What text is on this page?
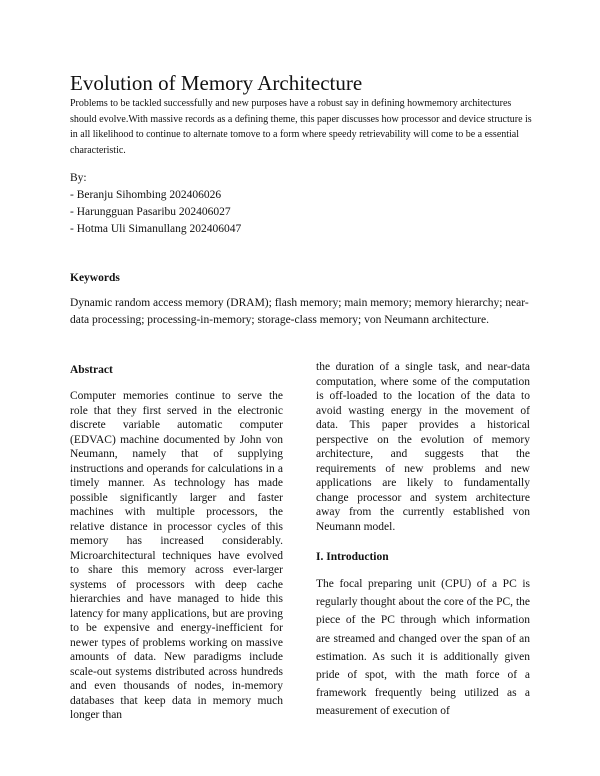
Evolution of Memory Architecture

Problems to be tackled successfully and new purposes have a robust say in defining howmemory architectures should evolve.With massive records as a defining theme, this paper discusses how processor and device structure is in all likelihood to continue to alternate tomove to a form where speedy retrievability will come to be a essential characteristic.

By:
- Beranju Sihombing 202406026
- Harungguan Pasaribu 202406027
- Hotma Uli Simanullang 202406047
Keywords

Dynamic random access memory (DRAM); flash memory; main memory; memory hierarchy; near-data processing; processing-in-memory; storage-class memory; von Neumann architecture.

Abstract

Computer memories continue to serve the role that they first served in the electronic discrete variable automatic computer (EDVAC) machine documented by John von Neumann, namely that of supplying instructions and operands for calculations in a timely manner. As technology has made possible significantly larger and faster machines with multiple processors, the relative distance in processor cycles of this memory has increased considerably. Microarchitectural techniques have evolved to share this memory across ever-larger systems of processors with deep cache hierarchies and have managed to hide this latency for many applications, but are proving to be expensive and energy-inefficient for newer types of problems working on massive amounts of data. New paradigms include scale-out systems distributed across hundreds and even thousands of nodes, in-memory databases that keep data in memory much longer than

the duration of a single task, and near-data computation, where some of the computation is off-loaded to the location of the data to avoid wasting energy in the movement of data. This paper provides a historical perspective on the evolution of memory architecture, and suggests that the requirements of new problems and new applications are likely to fundamentally change processor and system architecture away from the currently established von Neumann model.

I. Introduction

The focal preparing unit (CPU) of a PC is regularly thought about the core of the PC, the piece of the PC through which information are streamed and changed over the span of an estimation. As such it is additionally given pride of spot, with the math force of a framework frequently being utilized as a measurement of execution of
